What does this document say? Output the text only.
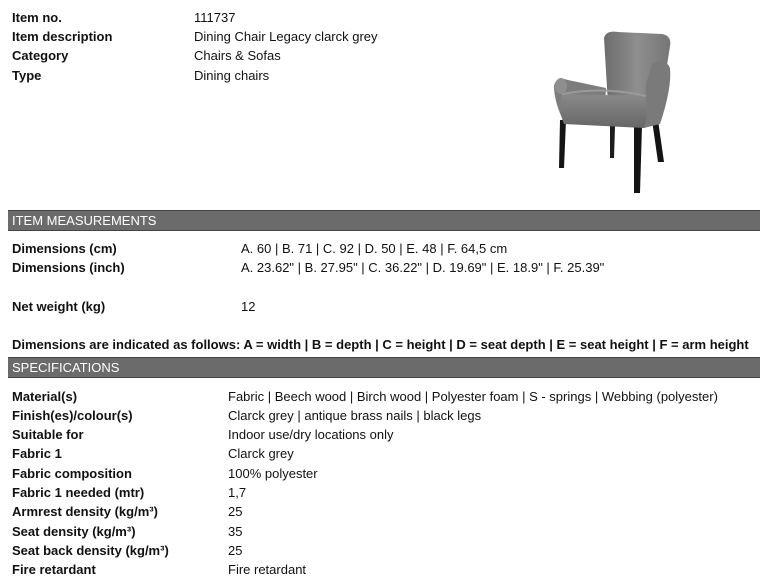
Item no.	111737
Item description	Dining Chair Legacy clarck grey
Category	Chairs & Sofas
Type	Dining chairs
ITEM MEASUREMENTS
Dimensions (cm)	A. 60 | B. 71 | C. 92 | D. 50 | E. 48 | F. 64,5 cm
Dimensions (inch)	A. 23.62" | B. 27.95" | C. 36.22" | D. 19.69" | E. 18.9" | F. 25.39"
Net weight (kg)	12
Dimensions are indicated as follows: A = width | B = depth | C = height | D = seat depth | E = seat height | F = arm height
SPECIFICATIONS
Material(s)	Fabric | Beech wood | Birch wood | Polyester foam | S - springs | Webbing (polyester)
Finish(es)/colour(s)	Clarck grey | antique brass nails | black legs
Suitable for	Indoor use/dry locations only
Fabric 1	Clarck grey
Fabric composition	100% polyester
Fabric 1 needed (mtr)	1,7
Armrest density (kg/m³)	25
Seat density (kg/m³)	35
Seat back density (kg/m³)	25
Fire retardant	Fire retardant
